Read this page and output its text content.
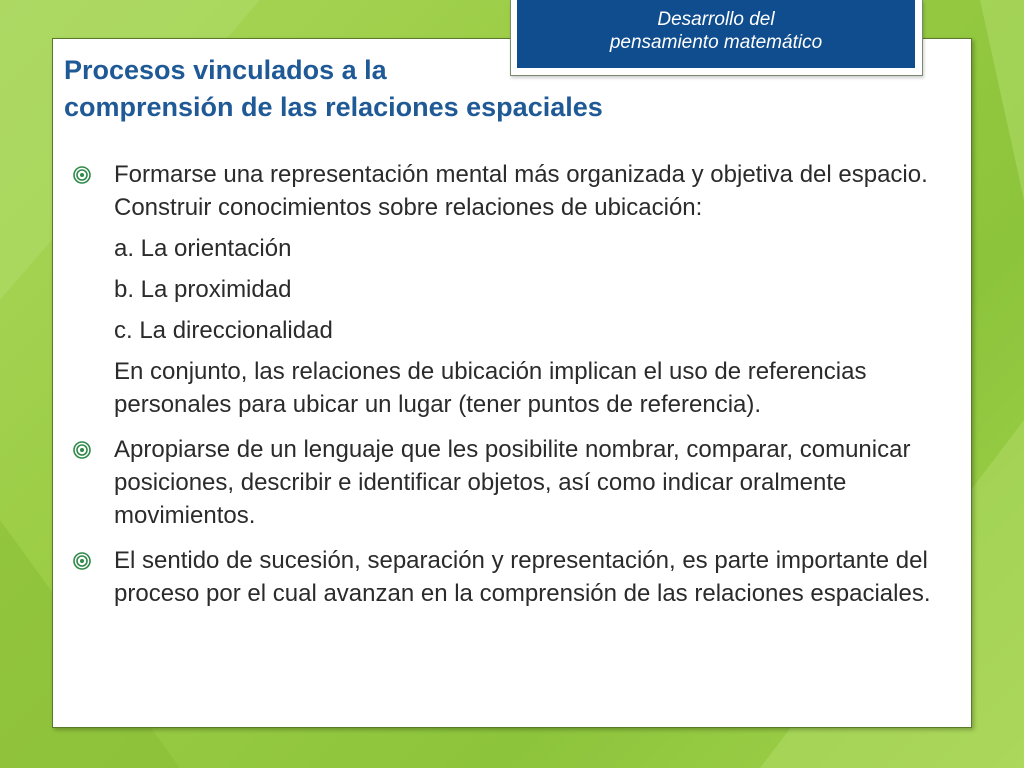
Desarrollo del
pensamiento matemático
Procesos vinculados a la
comprensión de las relaciones espaciales
Formarse una representación mental más organizada y objetiva del espacio. Construir conocimientos sobre relaciones de ubicación:
a. La orientación
b. La proximidad
c. La direccionalidad
En conjunto, las relaciones de ubicación implican el uso de referencias personales para ubicar un lugar (tener puntos de referencia).
Apropiarse de un lenguaje que les posibilite nombrar, comparar, comunicar posiciones, describir e identificar objetos, así como indicar oralmente movimientos.
El sentido de sucesión, separación y representación, es parte importante del proceso por el cual avanzan en la comprensión de las relaciones espaciales.
